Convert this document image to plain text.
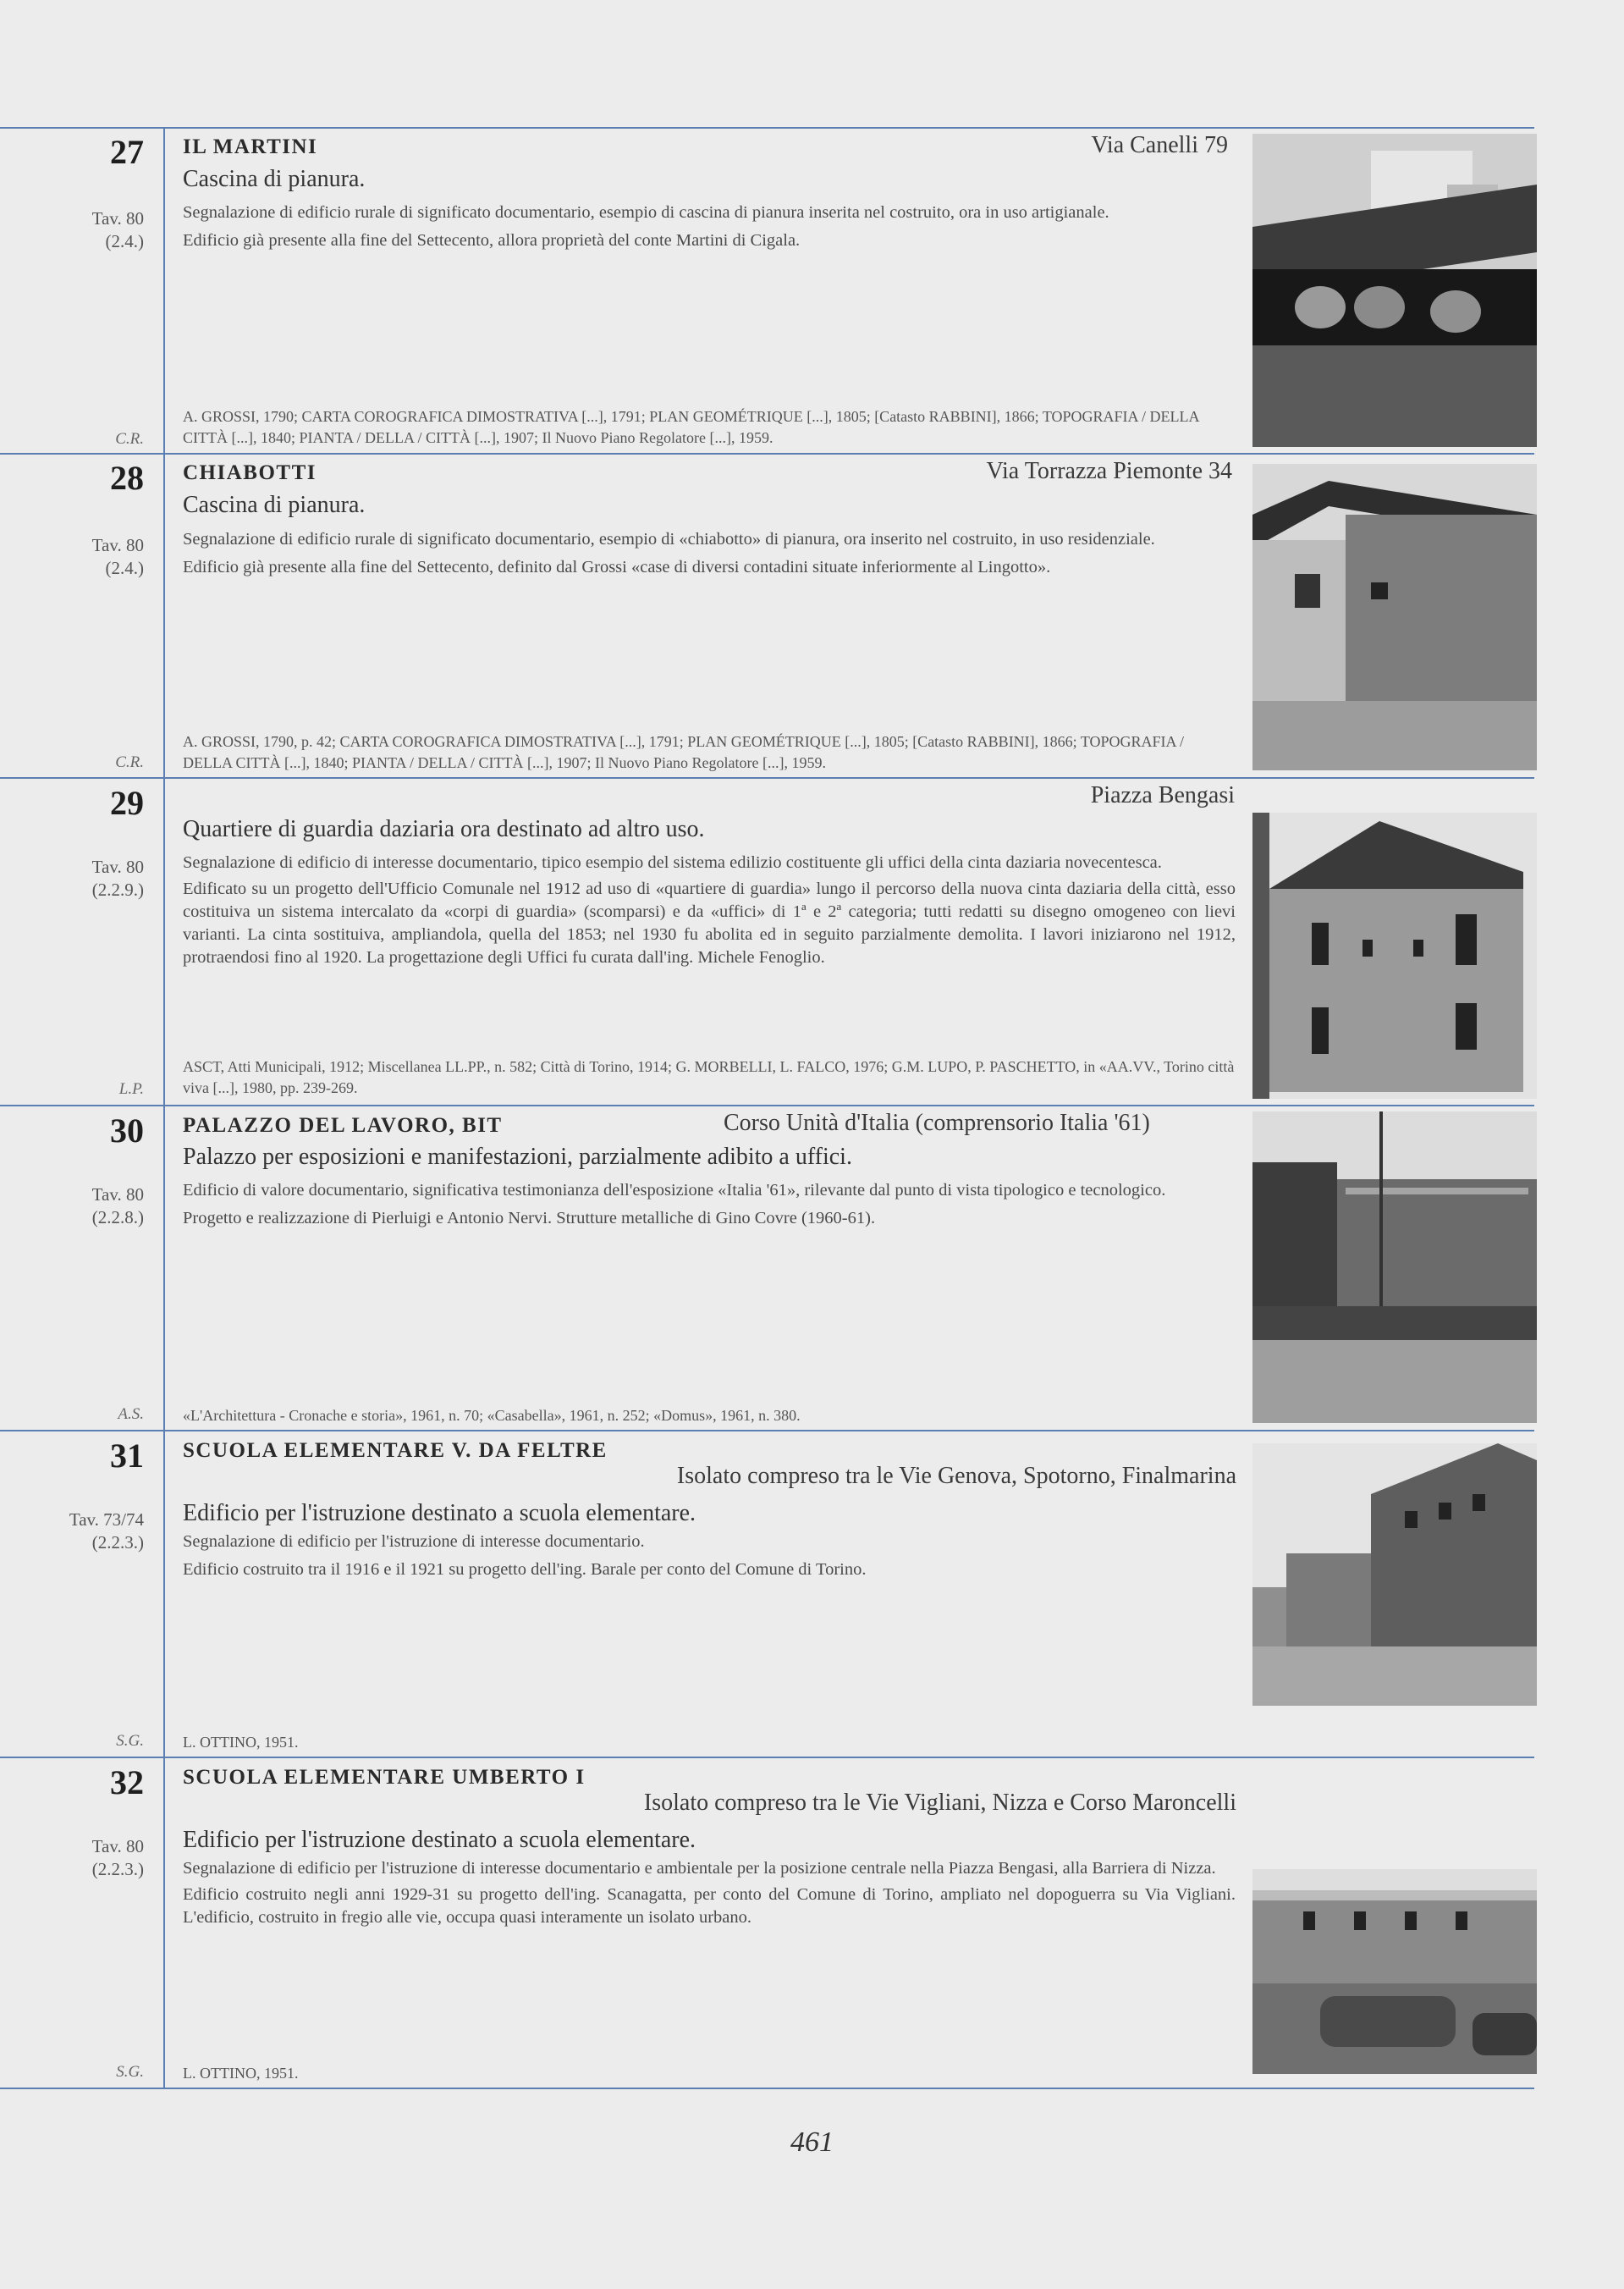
27
Tav. 80
(2.4.)
C.R.
IL MARTINI	Via Canelli 79
Cascina di pianura.
Segnalazione di edificio rurale di significato documentario, esempio di cascina di pianura inserita nel costruito, ora in uso artigianale.
Edificio già presente alla fine del Settecento, allora proprietà del conte Martini di Cigala.
A. GROSSI, 1790; CARTA COROGRAFICA DIMOSTRATIVA [...], 1791; PLAN GEOMÉTRIQUE [...], 1805; [Catasto RABBINI], 1866; TOPOGRAFIA / DELLA CITTÀ [...], 1840; PIANTA / DELLA / CITTÀ [...], 1907; Il Nuovo Piano Regolatore [...], 1959.
28
Tav. 80
(2.4.)
C.R.
CHIABOTTI	Via Torrazza Piemonte 34
Cascina di pianura.
Segnalazione di edificio rurale di significato documentario, esempio di «chiabotto» di pianura, ora inserito nel costruito, in uso residenziale.
Edificio già presente alla fine del Settecento, definito dal Grossi «case di diversi contadini situate inferiormente al Lingotto».
A. GROSSI, 1790, p. 42; CARTA COROGRAFICA DIMOSTRATIVA [...], 1791; PLAN GEOMÉTRIQUE [...], 1805; [Catasto RABBINI], 1866; TOPOGRAFIA / DELLA CITTÀ [...], 1840; PIANTA / DELLA / CITTÀ [...], 1907; Il Nuovo Piano Regolatore [...], 1959.
29
Tav. 80
(2.2.9.)
L.P.
Piazza Bengasi
Quartiere di guardia daziaria ora destinato ad altro uso.
Segnalazione di edificio di interesse documentario, tipico esempio del sistema edilizio costituente gli uffici della cinta daziaria novecentesca.
Edificato su un progetto dell'Ufficio Comunale nel 1912 ad uso di «quartiere di guardia» lungo il percorso della nuova cinta daziaria della città, esso costituiva un sistema intercalato da «corpi di guardia» (scomparsi) e da «uffici» di 1ª e 2ª categoria; tutti redatti su disegno omogeneo con lievi varianti. La cinta sostituiva, ampliandola, quella del 1853; nel 1930 fu abolita ed in seguito parzialmente demolita. I lavori iniziarono nel 1912, protraendosi fino al 1920. La progettazione degli Uffici fu curata dall'ing. Michele Fenoglio.
ASCT, Atti Municipali, 1912; Miscellanea LL.PP., n. 582; Città di Torino, 1914; G. MORBELLI, L. FALCO, 1976; G.M. LUPO, P. PASCHETTO, in «AA.VV., Torino città viva [...], 1980, pp. 239-269.
30
Tav. 80
(2.2.8.)
A.S.
PALAZZO DEL LAVORO, BIT	Corso Unità d'Italia (comprensorio Italia '61)
Palazzo per esposizioni e manifestazioni, parzialmente adibito a uffici.
Edificio di valore documentario, significativa testimonianza dell'esposizione «Italia '61», rilevante dal punto di vista tipologico e tecnologico.
Progetto e realizzazione di Pierluigi e Antonio Nervi. Strutture metalliche di Gino Covre (1960-61).
«L'Architettura - Cronache e storia», 1961, n. 70; «Casabella», 1961, n. 252; «Domus», 1961, n. 380.
31
Tav. 73/74
(2.2.3.)
S.G.
SCUOLA ELEMENTARE V. DA FELTRE
Isolato compreso tra le Vie Genova, Spotorno, Finalmarina
Edificio per l'istruzione destinato a scuola elementare.
Segnalazione di edificio per l'istruzione di interesse documentario.
Edificio costruito tra il 1916 e il 1921 su progetto dell'ing. Barale per conto del Comune di Torino.
L. OTTINO, 1951.
32
Tav. 80
(2.2.3.)
S.G.
SCUOLA ELEMENTARE UMBERTO I
Isolato compreso tra le Vie Vigliani, Nizza e Corso Maroncelli
Edificio per l'istruzione destinato a scuola elementare.
Segnalazione di edificio per l'istruzione di interesse documentario e ambientale per la posizione centrale nella Piazza Bengasi, alla Barriera di Nizza.
Edificio costruito negli anni 1929-31 su progetto dell'ing. Scanagatta, per conto del Comune di Torino, ampliato nel dopoguerra su Via Vigliani. L'edificio, costruito in fregio alle vie, occupa quasi interamente un isolato urbano.
L. OTTINO, 1951.
461
